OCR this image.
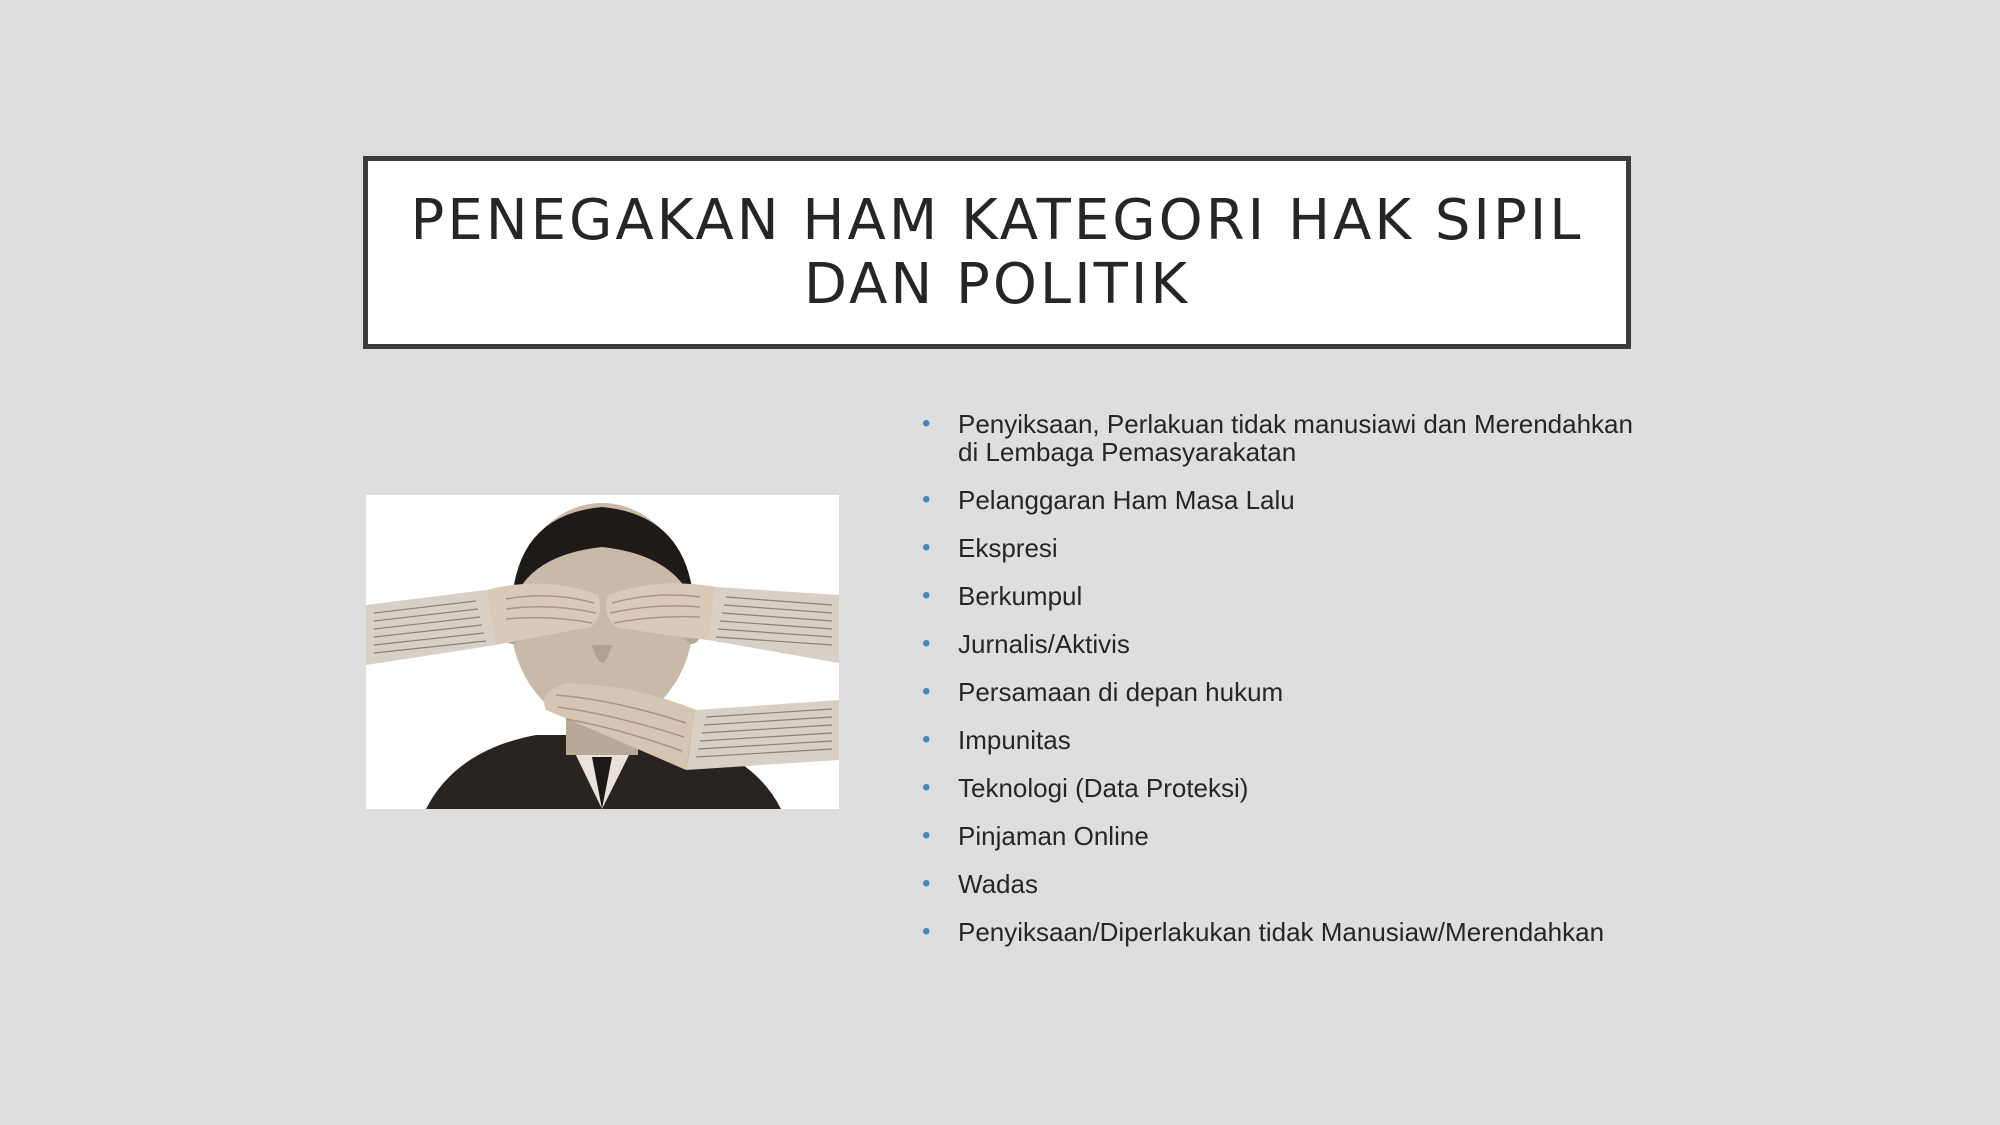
PENEGAKAN HAM KATEGORI HAK SIPIL DAN POLITIK
• Penyiksaan, Perlakuan tidak manusiawi dan Merendahkan di Lembaga Pemasyarakatan
• Pelanggaran Ham Masa Lalu
• Ekspresi
• Berkumpul
• Jurnalis/Aktivis
• Persamaan di depan hukum
• Impunitas
• Teknologi (Data Proteksi)
• Pinjaman Online
• Wadas
• Penyiksaan/Diperlakukan tidak Manusiaw/Merendahkan
